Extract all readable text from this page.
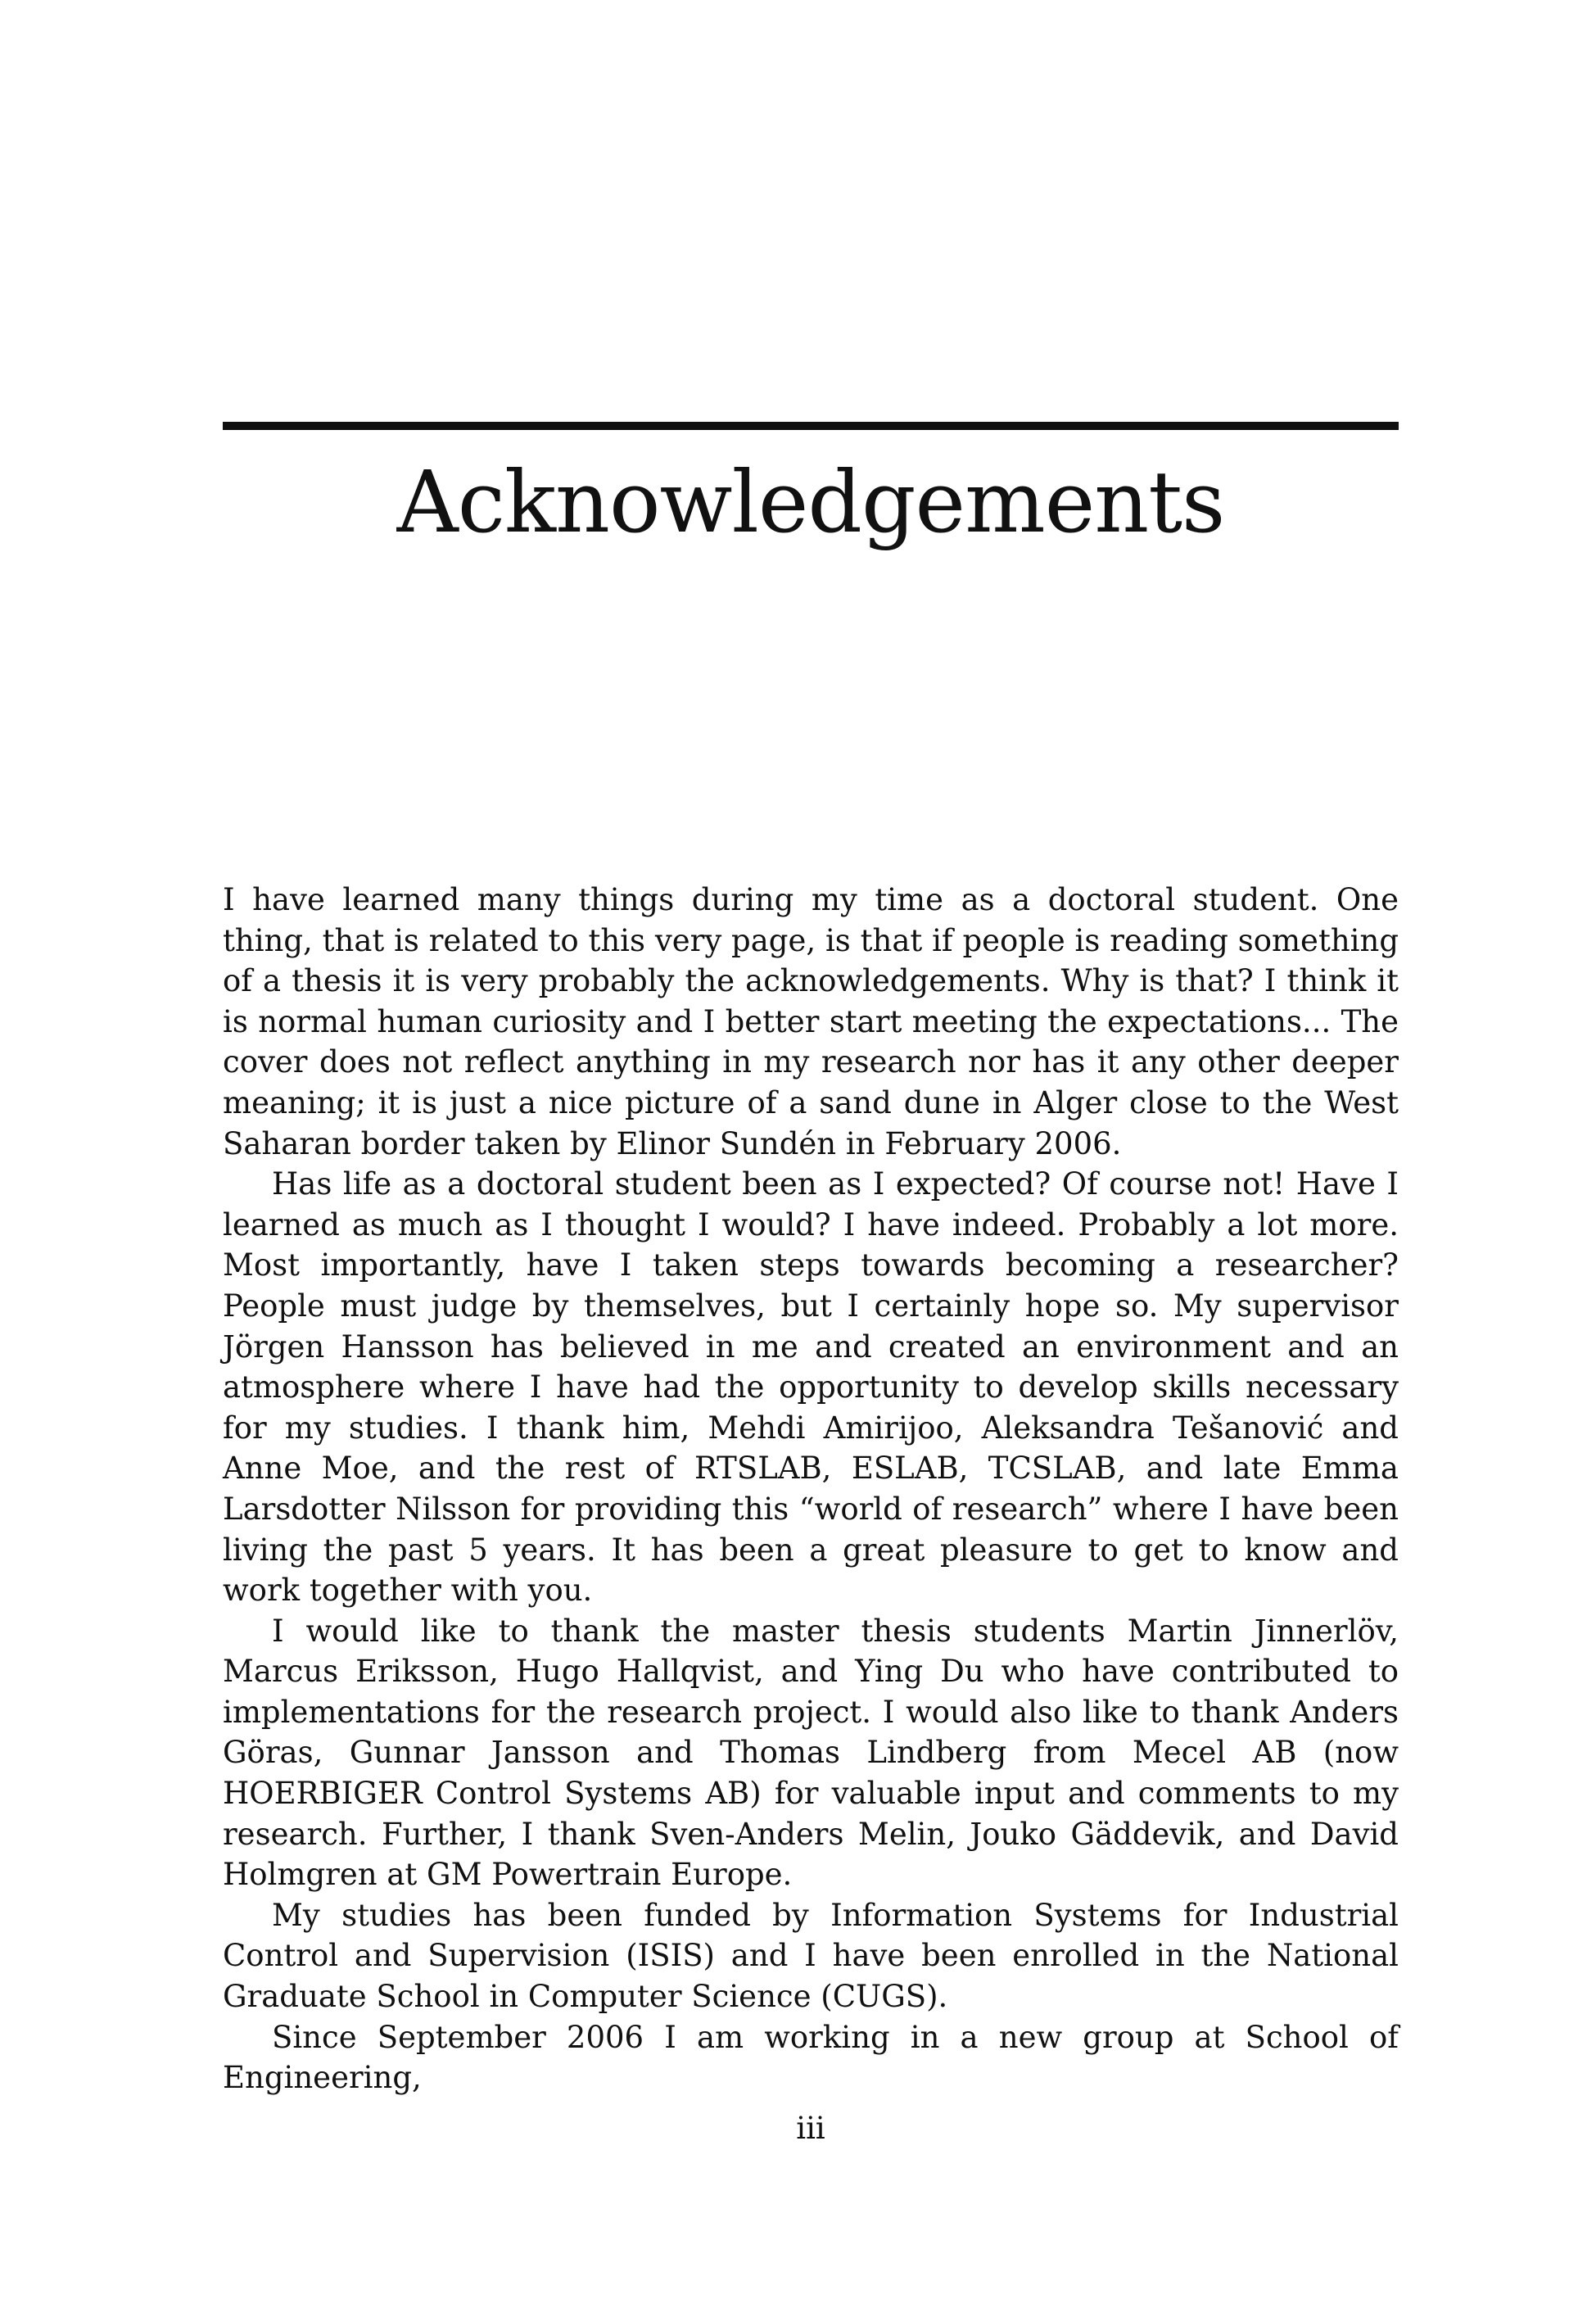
Acknowledgements

I have learned many things during my time as a doctoral student. One thing, that is related to this very page, is that if people is reading something of a thesis it is very probably the acknowledgements. Why is that? I think it is normal human curiosity and I better start meeting the expectations... The cover does not reflect anything in my research nor has it any other deeper meaning; it is just a nice picture of a sand dune in Alger close to the West Saharan border taken by Elinor Sundén in February 2006.

Has life as a doctoral student been as I expected? Of course not! Have I learned as much as I thought I would? I have indeed. Probably a lot more. Most importantly, have I taken steps towards becoming a researcher? People must judge by themselves, but I certainly hope so. My supervisor Jörgen Hansson has believed in me and created an environment and an atmosphere where I have had the opportunity to develop skills necessary for my studies. I thank him, Mehdi Amirijoo, Aleksandra Tešanović and Anne Moe, and the rest of RTSLAB, ESLAB, TCSLAB, and late Emma Larsdotter Nilsson for providing this “world of research” where I have been living the past 5 years. It has been a great pleasure to get to know and work together with you.

I would like to thank the master thesis students Martin Jinnerlöv, Marcus Eriksson, Hugo Hallqvist, and Ying Du who have contributed to implementations for the research project. I would also like to thank Anders Göras, Gunnar Jansson and Thomas Lindberg from Mecel AB (now HOERBIGER Control Systems AB) for valuable input and comments to my research. Further, I thank Sven-Anders Melin, Jouko Gäddevik, and David Holmgren at GM Powertrain Europe.

My studies has been funded by Information Systems for Industrial Control and Supervision (ISIS) and I have been enrolled in the National Graduate School in Computer Science (CUGS).

Since September 2006 I am working in a new group at School of Engineering,

iii
